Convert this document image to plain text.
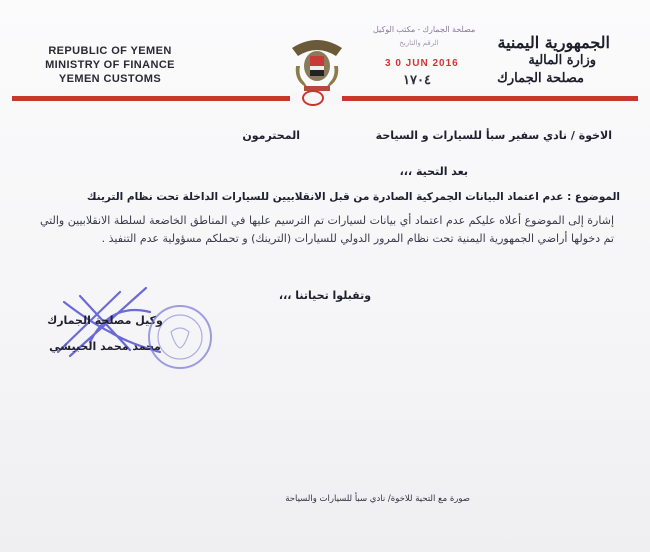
REPUBLIC OF YEMEN
MINISTRY OF FINANCE
YEMEN CUSTOMS
مصلحة الجمارك - مكتب الوكيل
الرقم والتاريخ
3 0 JUN 2016
١٧٠٤
الجمهورية اليمنية
وزارة المالية
مصلحة الجمارك
الاخوة / نادي سفير سبأ للسيارات و السياحة
المحترمون
بعد التحية ،،،
الموضوع : عدم اعتماد البيانات الجمركية الصادرة من قبل الانقلابيين للسيارات الداخلة تحت نظام الترينك
إشارة إلى الموضوع أعلاه عليكم عدم اعتماد أي بيانات لسيارات تم الترسيم عليها في المناطق الخاضعة لسلطة الانقلابيين والتي تم دخولها أراضي الجمهورية اليمنية تحت نظام المرور الدولي للسيارات (الترينك) و تحملكم مسؤولية عدم التنفيذ .
وتقبلوا تحياتنا ،،،
وكيل مصلحة الجمارك
محمد محمد الحبيشي
صورة مع التحية للاخوة/ نادي سبأ للسيارات والسياحة
